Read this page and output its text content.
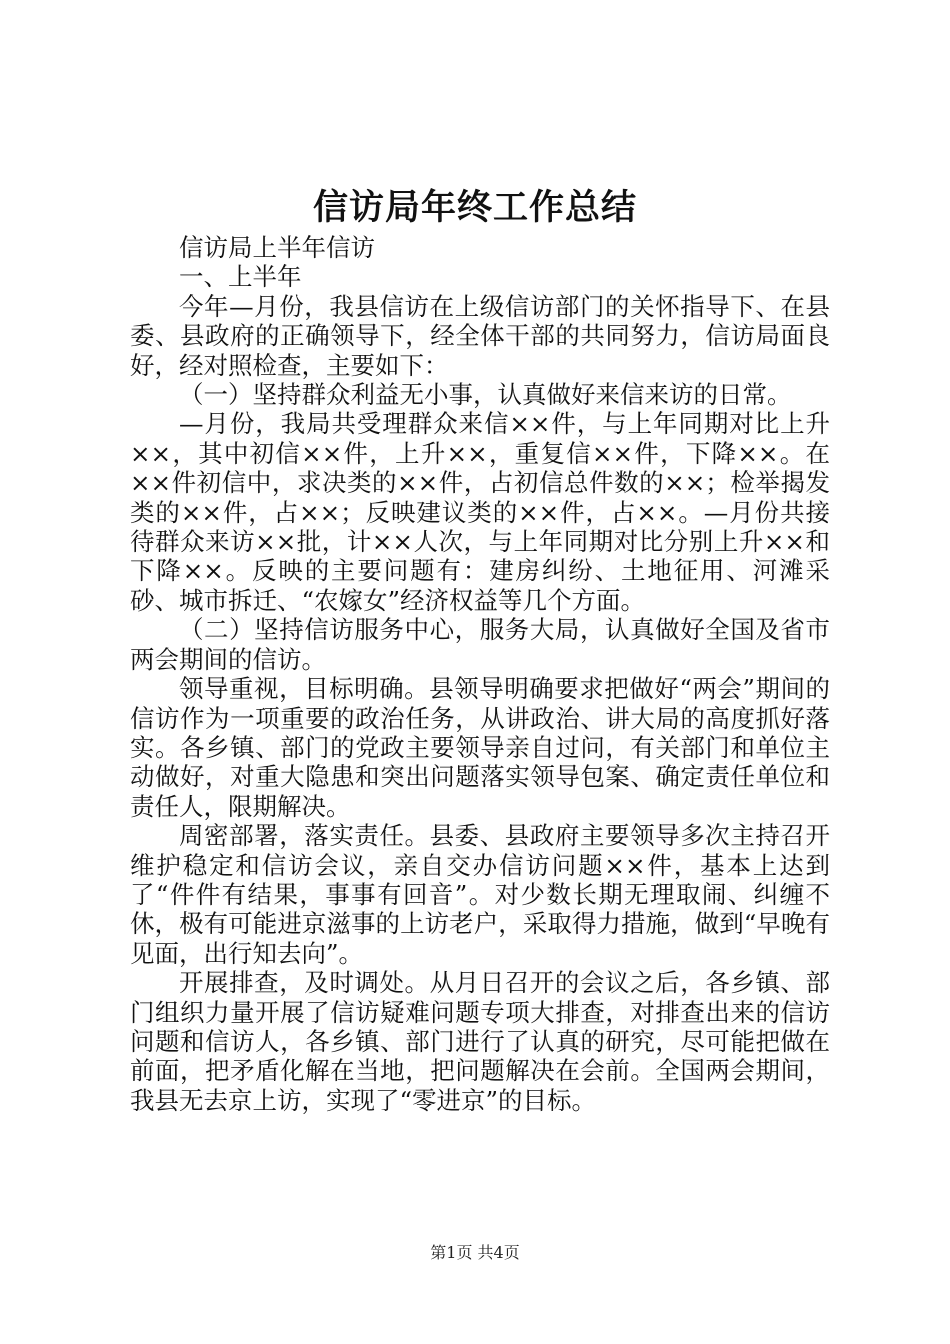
信访局年终工作总结

信访局上半年信访

一、上半年

今年—月份，我县信访在上级信访部门的关怀指导下、在县委、县政府的正确领导下，经全体干部的共同努力，信访局面良好，经对照检查，主要如下：

（一）坚持群众利益无小事，认真做好来信来访的日常。

—月份，我局共受理群众来信××件，与上年同期对比上升××，其中初信××件，上升××，重复信××件，下降××。在××件初信中，求决类的××件，占初信总件数的××；检举揭发类的××件，占××；反映建议类的××件，占××。—月份共接待群众来访××批，计××人次，与上年同期对比分别上升××和下降××。反映的主要问题有：建房纠纷、土地征用、河滩采砂、城市拆迁、“农嫁女”经济权益等几个方面。

（二）坚持信访服务中心，服务大局，认真做好全国及省市两会期间的信访。

领导重视，目标明确。县领导明确要求把做好“两会”期间的信访作为一项重要的政治任务，从讲政治、讲大局的高度抓好落实。各乡镇、部门的党政主要领导亲自过问，有关部门和单位主动做好，对重大隐患和突出问题落实领导包案、确定责任单位和责任人，限期解决。

周密部署，落实责任。县委、县政府主要领导多次主持召开维护稳定和信访会议，亲自交办信访问题××件，基本上达到了“件件有结果，事事有回音”。对少数长期无理取闹、纠缠不休，极有可能进京滋事的上访老户，采取得力措施，做到“早晚有见面，出行知去向”。

开展排查，及时调处。从月日召开的会议之后，各乡镇、部门组织力量开展了信访疑难问题专项大排查，对排查出来的信访问题和信访人，各乡镇、部门进行了认真的研究，尽可能把做在前面，把矛盾化解在当地，把问题解决在会前。全国两会期间，我县无去京上访，实现了“零进京”的目标。

第1页 共4页
